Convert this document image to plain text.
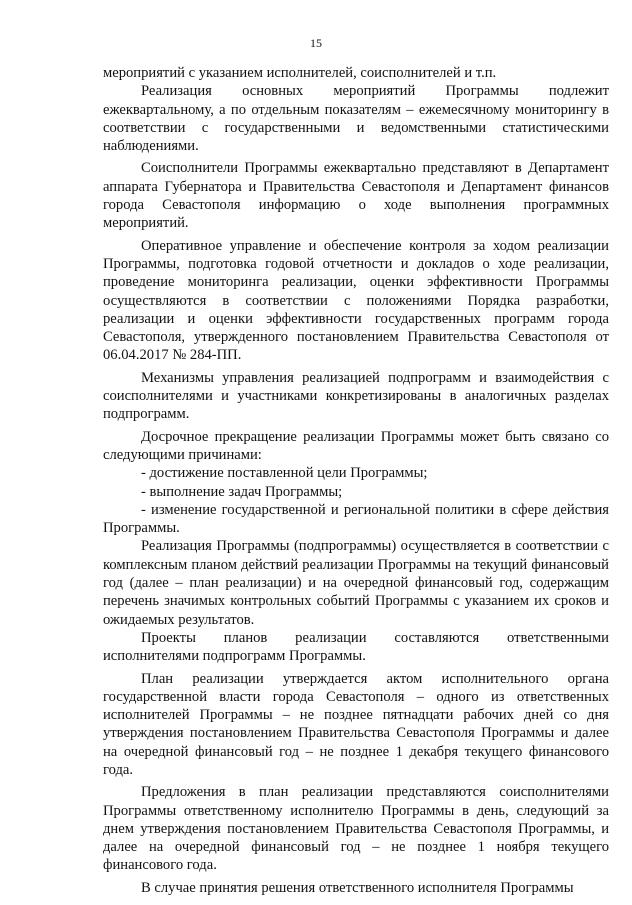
15

мероприятий с указанием исполнителей, соисполнителей и т.п.

Реализация основных мероприятий Программы подлежит ежеквартальному, а по отдельным показателям – ежемесячному мониторингу в соответствии с государственными и ведомственными статистическими наблюдениями.

Соисполнители Программы ежеквартально представляют в Департамент аппарата Губернатора и Правительства Севастополя и Департамент финансов города Севастополя информацию о ходе выполнения программных мероприятий.

Оперативное управление и обеспечение контроля за ходом реализации Программы, подготовка годовой отчетности и докладов о ходе реализации, проведение мониторинга реализации, оценки эффективности Программы осуществляются в соответствии с положениями Порядка разработки, реализации и оценки эффективности государственных программ города Севастополя, утвержденного постановлением Правительства Севастополя от 06.04.2017 № 284-ПП.

Механизмы управления реализацией подпрограмм и взаимодействия с соисполнителями и участниками конкретизированы в аналогичных разделах подпрограмм.

Досрочное прекращение реализации Программы может быть связано со следующими причинами:

- достижение поставленной цели Программы;

- выполнение задач Программы;

- изменение государственной и региональной политики в сфере действия Программы.

Реализация Программы (подпрограммы) осуществляется в соответствии с комплексным планом действий реализации Программы на текущий финансовый год (далее – план реализации) и на очередной финансовый год, содержащим перечень значимых контрольных событий Программы с указанием их сроков и ожидаемых результатов.

Проекты планов реализации составляются ответственными исполнителями подпрограмм Программы.

План реализации утверждается актом исполнительного органа государственной власти города Севастополя – одного из ответственных исполнителей Программы – не позднее пятнадцати рабочих дней со дня утверждения постановлением Правительства Севастополя Программы и далее на очередной финансовый год – не позднее 1 декабря текущего финансового года.

Предложения в план реализации представляются соисполнителями Программы ответственному исполнителю Программы в день, следующий за днем утверждения постановлением Правительства Севастополя Программы, и далее на очередной финансовый год – не позднее 1 ноября текущего финансового года.

В случае принятия решения ответственного исполнителя Программы
